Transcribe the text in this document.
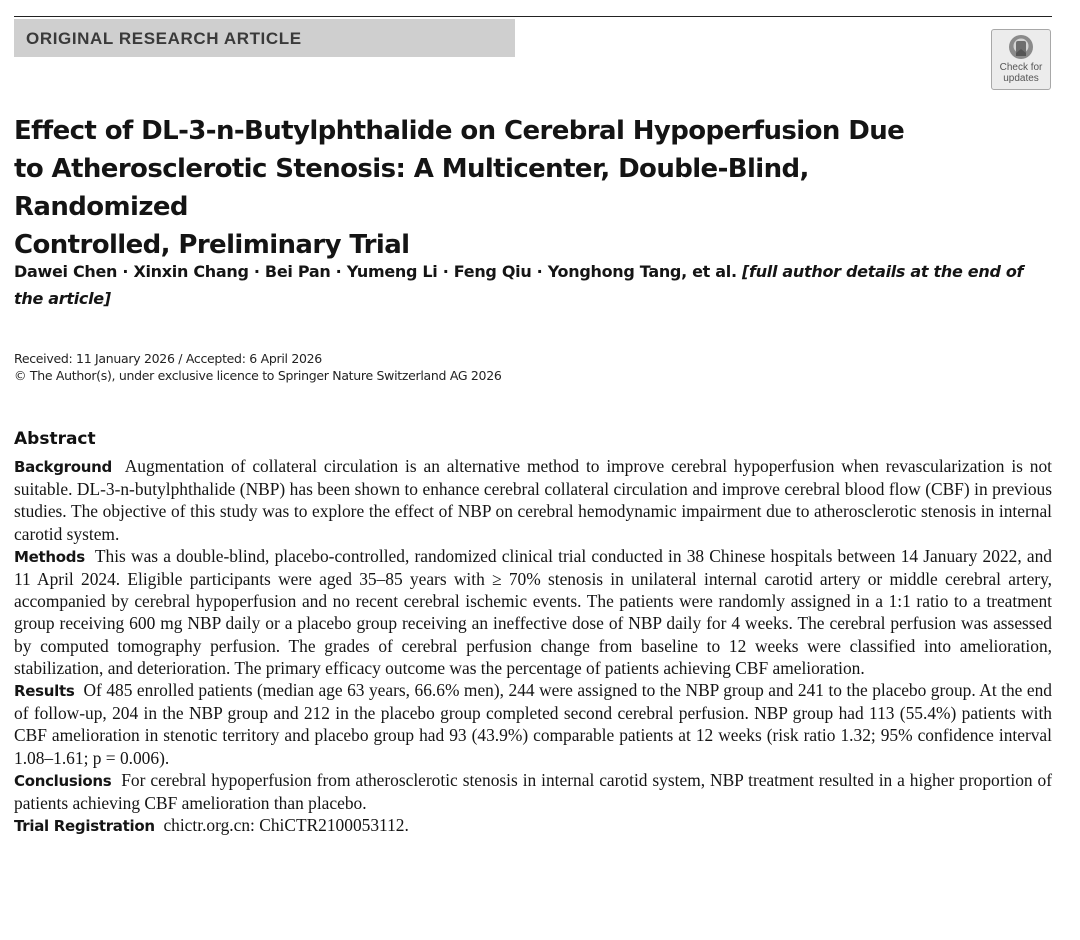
ORIGINAL RESEARCH ARTICLE
Check for
updates
Effect of DL-3-n-Butylphthalide on Cerebral Hypoperfusion Due
to Atherosclerotic Stenosis: A Multicenter, Double-Blind, Randomized
Controlled, Preliminary Trial

Dawei Chen · Xinxin Chang · Bei Pan · Yumeng Li · Feng Qiu · Yonghong Tang, et al. [full author details at the end of the article]

Received: 11 January 2026 / Accepted: 6 April 2026
© The Author(s), under exclusive licence to Springer Nature Switzerland AG 2026

Abstract

Background Augmentation of collateral circulation is an alternative method to improve cerebral hypoperfusion when revascularization is not suitable. DL-3-n-butylphthalide (NBP) has been shown to enhance cerebral collateral circulation and improve cerebral blood flow (CBF) in previous studies. The objective of this study was to explore the effect of NBP on cerebral hemodynamic impairment due to atherosclerotic stenosis in internal carotid system.

Methods This was a double-blind, placebo-controlled, randomized clinical trial conducted in 38 Chinese hospitals between 14 January 2022, and 11 April 2024. Eligible participants were aged 35–85 years with ≥ 70% stenosis in unilateral internal carotid artery or middle cerebral artery, accompanied by cerebral hypoperfusion and no recent cerebral ischemic events. The patients were randomly assigned in a 1:1 ratio to a treatment group receiving 600 mg NBP daily or a placebo group receiving an ineffective dose of NBP daily for 4 weeks. The cerebral perfusion was assessed by computed tomography perfusion. The grades of cerebral perfusion change from baseline to 12 weeks were classified into amelioration, stabilization, and deterioration. The primary efficacy outcome was the percentage of patients achieving CBF amelioration.

Results Of 485 enrolled patients (median age 63 years, 66.6% men), 244 were assigned to the NBP group and 241 to the placebo group. At the end of follow-up, 204 in the NBP group and 212 in the placebo group completed second cerebral perfusion. NBP group had 113 (55.4%) patients with CBF amelioration in stenotic territory and placebo group had 93 (43.9%) comparable patients at 12 weeks (risk ratio 1.32; 95% confidence interval 1.08–1.61; p = 0.006).

Conclusions For cerebral hypoperfusion from atherosclerotic stenosis in internal carotid system, NBP treatment resulted in a higher proportion of patients achieving CBF amelioration than placebo.

Trial Registration chictr.org.cn: ChiCTR2100053112.
